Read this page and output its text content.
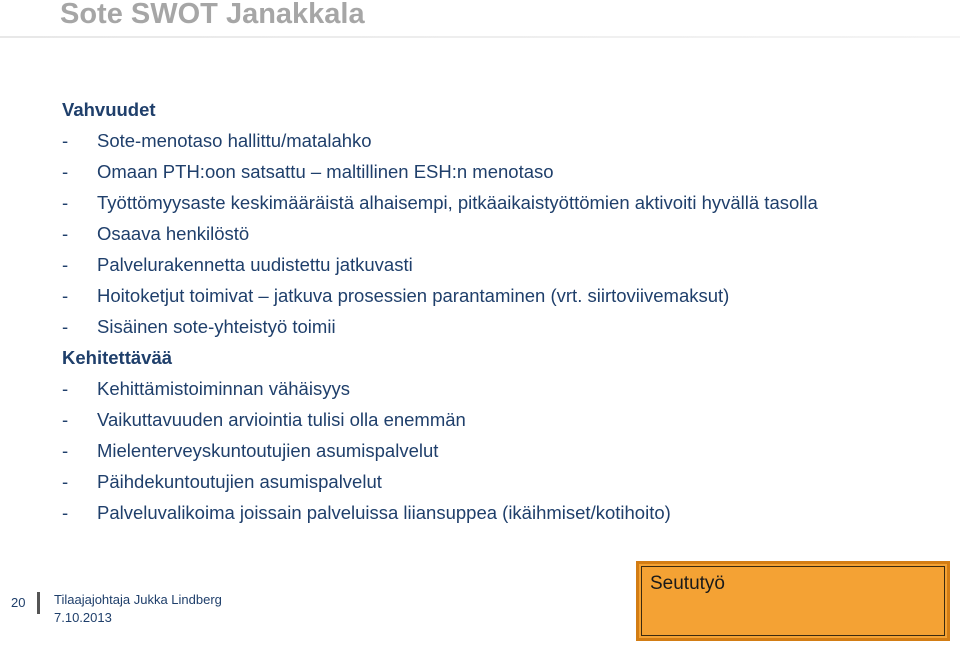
Sote SWOT Janakkala
Vahvuudet
- Sote-menotaso hallittu/matalahko
- Omaan PTH:oon satsattu – maltillinen ESH:n menotaso
- Työttömyysaste keskimääräistä alhaisempi, pitkäaikaistyöttömien aktivoiti hyvällä tasolla
- Osaava henkilöstö
- Palvelurakennetta uudistettu jatkuvasti
- Hoitoketjut toimivat – jatkuva prosessien parantaminen (vrt. siirtoviivemaksut)
- Sisäinen sote-yhteistyö toimii
Kehitettävää
- Kehittämistoiminnan vähäisyys
- Vaikuttavuuden arviointia tulisi olla enemmän
- Mielenterveyskuntoutujien asumispalvelut
- Päihdekuntoutujien asumispalvelut
- Palveluvalikoima joissain palveluissa liiansuppea (ikäihmiset/kotihoito)
20 Tilaajajohtaja Jukka Lindberg
7.10.2013
Seututyö
